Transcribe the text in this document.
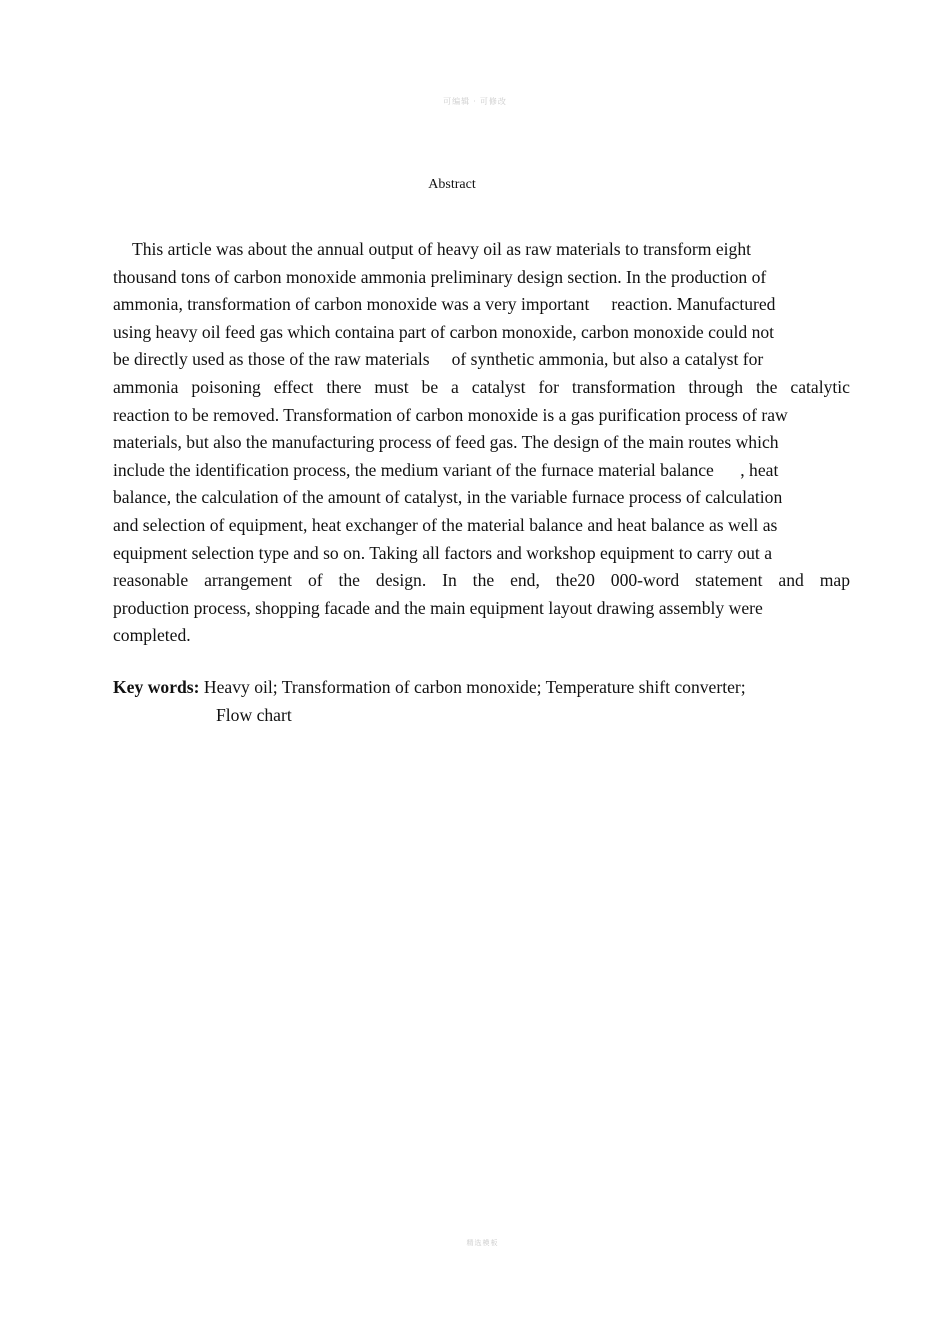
可编辑 · 可修改
Abstract
This article was about the annual output of heavy oil as raw materials to transform eight
thousand tons of carbon monoxide ammonia preliminary design section. In the production of
ammonia, transformation of carbon monoxide was a very important     reaction. Manufactured
using heavy oil feed gas which containa part of carbon monoxide, carbon monoxide could not
be directly used as those of the raw materials     of synthetic ammonia, but also a catalyst for
ammonia poisoning effect there must be a catalyst for transformation through the catalytic
reaction to be removed. Transformation of carbon monoxide is a gas purification process of raw
materials, but also the manufacturing process of feed gas. The design of the main routes which
include the identification process, the medium variant of the furnace material balance      , heat
balance, the calculation of the amount of catalyst, in the variable furnace process of calculation
and selection of equipment, heat exchanger of the material balance and heat balance as well as
equipment selection type and so on. Taking all factors and workshop equipment to carry out a
reasonable arrangement of the design. In the end, the20 000-word statement and map
production process, shopping facade and the main equipment layout drawing assembly were
completed.
Key words: Heavy oil; Transformation of carbon monoxide; Temperature shift converter;
Flow chart
精选模板
